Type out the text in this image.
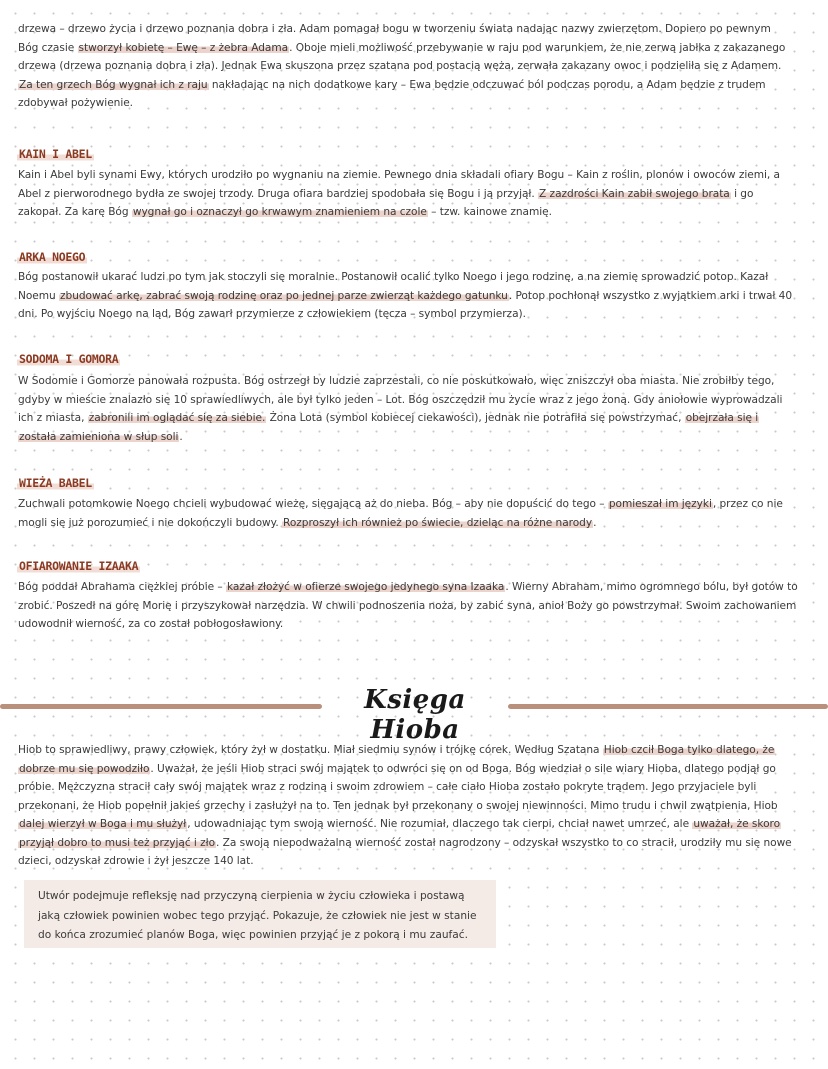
drzewa – drzewo życia i drzewo poznania dobra i zła. Adam pomagał bogu w tworzeniu świata nadając nazwy zwierzętom. Dopiero po pewnym
Bóg czasie stworzył kobietę – Ewę – z żebra Adama. Oboje mieli możliwość przebywanie w raju pod warunkiem, że nie zerwą jabłka z zakazanego
drzewa (drzewa poznania dobra i zła). Jednak Ewa skuszona przez szatana pod postacią węża, zerwała zakazany owoc i podzieliła się z Adamem.
Za ten grzech Bóg wygnał ich z raju nakładając na nich dodatkowe kary – Ewa będzie odczuwać ból podczas porodu, a Adam będzie z trudem
zdobywał pożywienie.

KAIN I ABEL

Kain i Abel byli synami Ewy, których urodziło po wygnaniu na ziemie. Pewnego dnia składali ofiary Bogu – Kain z roślin, plonów i owoców ziemi, a
Abel z pierworodnego bydła ze swojej trzody. Druga ofiara bardziej spodobała się Bogu i ją przyjął. Z zazdrości Kain zabił swojego brata i go
zakopał. Za karę Bóg wygnał go i oznaczył go krwawym znamieniem na czole – tzw. kainowe znamię.

ARKA NOEGO

Bóg postanowił ukarać ludzi po tym jak stoczyli się moralnie. Postanowił ocalić tylko Noego i jego rodzinę, a na ziemię sprowadzić potop. Kazał
Noemu zbudować arkę, zabrać swoją rodzinę oraz po jednej parze zwierząt każdego gatunku. Potop pochłonął wszystko z wyjątkiem arki i trwał 40
dni. Po wyjściu Noego na ląd, Bóg zawarł przymierze z człowiekiem (tęcza – symbol przymierza).

SODOMA I GOMORA

W Sodomie i Gomorze panowała rozpusta. Bóg ostrzegł by ludzie zaprzestali, co nie poskutkowało, więc zniszczył oba miasta. Nie zrobiłby tego,
gdyby w mieście znalazło się 10 sprawiedliwych, ale był tylko jeden – Lot. Bóg oszczędził mu życie wraz z jego żoną. Gdy aniołowie wyprowadzali
ich z miasta, zabronili im oglądać się za siebie. Żona Lota (symbol kobiecej ciekawości), jednak nie potrafiła się powstrzymać, obejrzała się i
została zamieniona w słup soli.

WIEŻA BABEL

Zuchwali potomkowie Noego chcieli wybudować wieżę, sięgającą aż do nieba. Bóg – aby nie dopuścić do tego – pomieszał im języki, przez co nie
mogli się już porozumieć i nie dokończyli budowy. Rozproszył ich również po świecie, dzieląc na różne narody.

OFIAROWANIE IZAAKA

Bóg poddał Abrahama ciężkiej próbie – kazał złożyć w ofierze swojego jedynego syna Izaaka. Wierny Abraham, mimo ogromnego bólu, był gotów to
zrobić. Poszedł na górę Morię i przyszykował narzędzia. W chwili podnoszenia noża, by zabić syna, anioł Boży go powstrzymał. Swoim zachowaniem
udowodnił wierność, za co został pobłogosławiony.

Księga Hioba

Hiob to sprawiedliwy, prawy człowiek, który żył w dostatku. Miał siedmiu synów i trójkę córek. Według Szatana Hiob czcił Boga tylko dlatego, że
dobrze mu się powodziło. Uważał, że jeśli Hiob straci swój majątek to odwróci się on od Boga. Bóg wiedział o sile wiary Hioba, dlatego podjął go
próbie. Mężczyzna stracił cały swój majątek wraz z rodziną i swoim zdrowiem – całe ciało Hioba zostało pokryte trądem. Jego przyjaciele byli
przekonani, że Hiob popełnił jakieś grzechy i zasłużył na to. Ten jednak był przekonany o swojej niewinności. Mimo trudu i chwil zwątpienia, Hiob
dalej wierzył w Boga i mu służył, udowadniając tym swoją wierność. Nie rozumiał, dlaczego tak cierpi, chciał nawet umrzeć, ale uważał, że skoro
przyjął dobro to musi też przyjąć i zło. Za swoją niepodważalną wierność został nagrodzony – odzyskał wszystko to co stracił, urodziły mu się nowe
dzieci, odzyskał zdrowie i żył jeszcze 140 lat.

Utwór podejmuje refleksję nad przyczyną cierpienia w życiu człowieka i postawą
jaką człowiek powinien wobec tego przyjąć. Pokazuje, że człowiek nie jest w stanie
do końca zrozumieć planów Boga, więc powinien przyjąć je z pokorą i mu zaufać.
